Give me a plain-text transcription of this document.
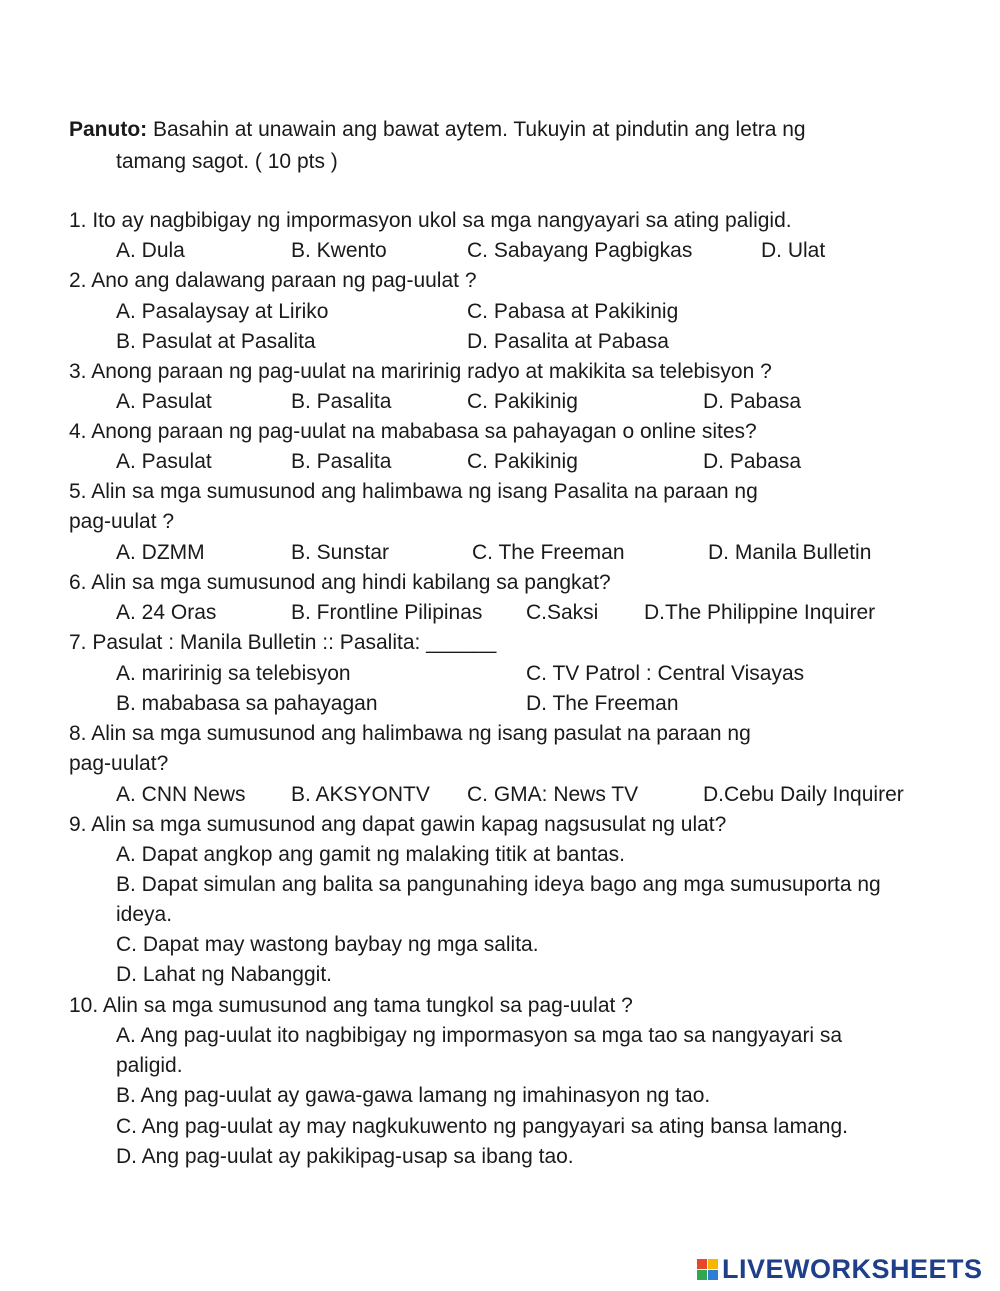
Panuto: Basahin at unawain ang bawat aytem. Tukuyin at pindutin ang letra ng
tamang sagot. ( 10 pts )
1. Ito ay nagbibigay ng impormasyon ukol sa mga nangyayari sa ating paligid.
A. Dula	B. Kwento	C. Sabayang Pagbigkas	D. Ulat
2. Ano ang dalawang paraan ng pag-uulat ?
A. Pasalaysay at Liriko	C. Pabasa at Pakikinig
B. Pasulat at Pasalita	D. Pasalita at Pabasa
3. Anong paraan ng pag-uulat na maririnig radyo at makikita sa telebisyon ?
A. Pasulat	B. Pasalita	C. Pakikinig	D. Pabasa
4. Anong paraan ng pag-uulat na mababasa sa pahayagan o online sites?
A. Pasulat	B. Pasalita	C. Pakikinig	D. Pabasa
5. Alin sa mga sumusunod ang halimbawa ng isang Pasalita na paraan ng
pag-uulat ?
A. DZMM	B. Sunstar	C. The Freeman	D. Manila Bulletin
6. Alin sa mga sumusunod ang hindi kabilang sa pangkat?
A. 24 Oras	B. Frontline Pilipinas C.Saksi D.The Philippine Inquirer
7. Pasulat : Manila Bulletin :: Pasalita: ______
A. maririnig sa telebisyon	C. TV Patrol : Central Visayas
B. mababasa sa pahayagan	D. The Freeman
8. Alin sa mga sumusunod ang halimbawa ng isang pasulat na paraan ng
pag-uulat?
A. CNN News B. AKSYONTV C. GMA: News TV	D.Cebu Daily Inquirer
9. Alin sa mga sumusunod ang dapat gawin kapag nagsusulat ng ulat?
A. Dapat angkop ang gamit ng malaking titik at bantas.
B. Dapat simulan ang balita sa pangunahing ideya bago ang mga sumusuporta ng
ideya.
C. Dapat may wastong baybay ng mga salita.
D. Lahat ng Nabanggit.
10. Alin sa mga sumusunod ang tama tungkol sa pag-uulat ?
A. Ang pag-uulat ito nagbibigay ng impormasyon sa mga tao sa nangyayari sa
paligid.
B. Ang pag-uulat ay gawa-gawa lamang ng imahinasyon ng tao.
C. Ang pag-uulat ay may nagkukuwento ng pangyayari sa ating bansa lamang.
D. Ang pag-uulat ay pakikipag-usap sa ibang tao.
LIVEWORKSHEETS
